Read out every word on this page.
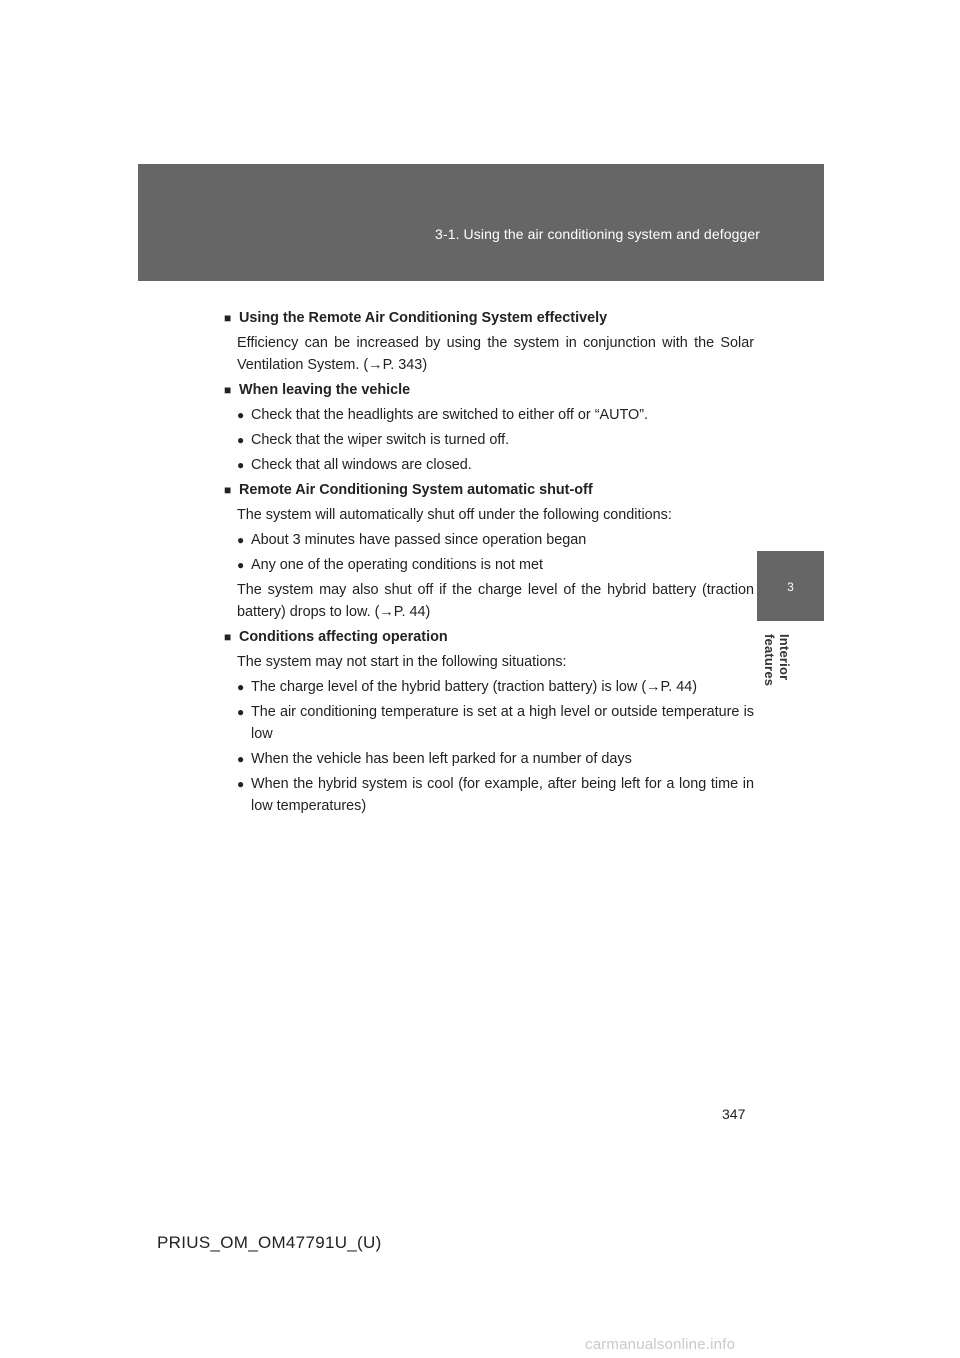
3-1. Using the air conditioning system and defogger
3
Interior features
■ Using the Remote Air Conditioning System effectively

Efficiency can be increased by using the system in conjunction with the Solar Ventilation System. (→P. 343)

■ When leaving the vehicle
● Check that the headlights are switched to either off or “AUTO”.
● Check that the wiper switch is turned off.
● Check that all windows are closed.
■ Remote Air Conditioning System automatic shut-off

The system will automatically shut off under the following conditions:

● About 3 minutes have passed since operation began
● Any one of the operating conditions is not met

The system may also shut off if the charge level of the hybrid battery (traction battery) drops to low. (→P. 44)

■ Conditions affecting operation

The system may not start in the following situations:

● The charge level of the hybrid battery (traction battery) is low (→P. 44)
● The air conditioning temperature is set at a high level or outside temperature is low
● When the vehicle has been left parked for a number of days
● When the hybrid system is cool (for example, after being left for a long time in low temperatures)
347
PRIUS_OM_OM47791U_(U)
carmanualsonline.info
